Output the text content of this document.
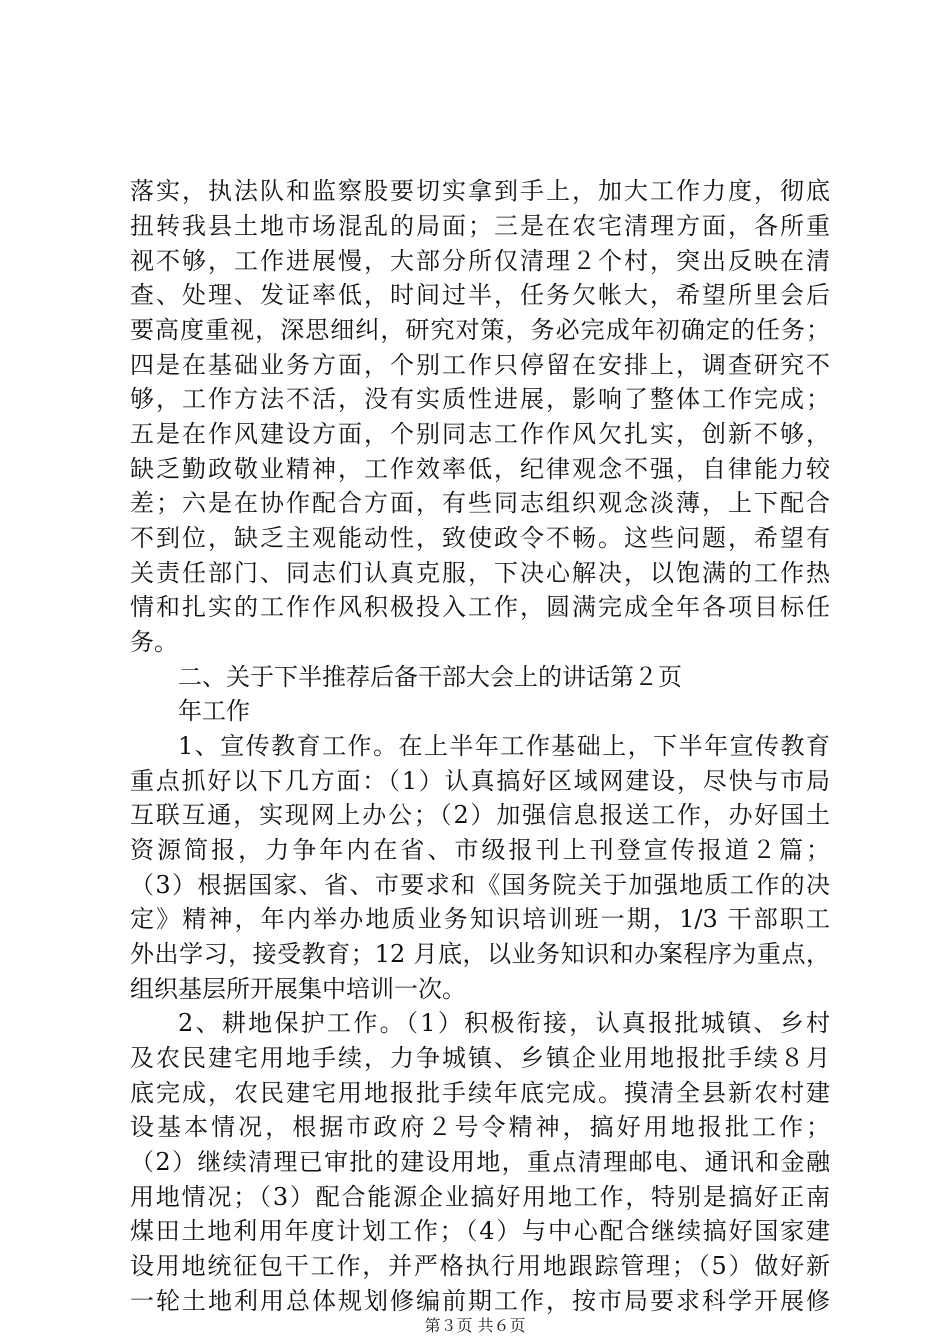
落实，执法队和监察股要切实拿到手上，加大工作力度，彻底
扭转我县土地市场混乱的局面；三是在农宅清理方面，各所重
视不够，工作进展慢，大部分所仅清理２个村，突出反映在清
查、处理、发证率低，时间过半，任务欠帐大，希望所里会后
要高度重视，深思细纠，研究对策，务必完成年初确定的任务；
四是在基础业务方面，个别工作只停留在安排上，调查研究不
够，工作方法不活，没有实质性进展，影响了整体工作完成；
五是在作风建设方面，个别同志工作作风欠扎实，创新不够，
缺乏勤政敬业精神，工作效率低，纪律观念不强，自律能力较
差；六是在协作配合方面，有些同志组织观念淡薄，上下配合
不到位，缺乏主观能动性，致使政令不畅。这些问题，希望有
关责任部门、同志们认真克服，下决心解决，以饱满的工作热
情和扎实的工作作风积极投入工作，圆满完成全年各项目标任
务。
二、关于下半推荐后备干部大会上的讲话第２页
年工作
1、宣传教育工作。在上半年工作基础上，下半年宣传教育
重点抓好以下几方面：（1）认真搞好区域网建设，尽快与市局
互联互通，实现网上办公；（2）加强信息报送工作，办好国土
资源简报，力争年内在省、市级报刊上刊登宣传报道２篇；
（3）根据国家、省、市要求和《国务院关于加强地质工作的决
定》精神，年内举办地质业务知识培训班一期，1/3 干部职工
外出学习，接受教育；12 月底，以业务知识和办案程序为重点，
组织基层所开展集中培训一次。
2、耕地保护工作。（1）积极衔接，认真报批城镇、乡村
及农民建宅用地手续，力争城镇、乡镇企业用地报批手续８月
底完成，农民建宅用地报批手续年底完成。摸清全县新农村建
设基本情况，根据市政府２号令精神，搞好用地报批工作；
（2）继续清理已审批的建设用地，重点清理邮电、通讯和金融
用地情况；（3）配合能源企业搞好用地工作，特别是搞好正南
煤田土地利用年度计划工作；（4）与中心配合继续搞好国家建
设用地统征包干工作，并严格执行用地跟踪管理；（5）做好新
一轮土地利用总体规划修编前期工作，按市局要求科学开展修
第３页 共６页
